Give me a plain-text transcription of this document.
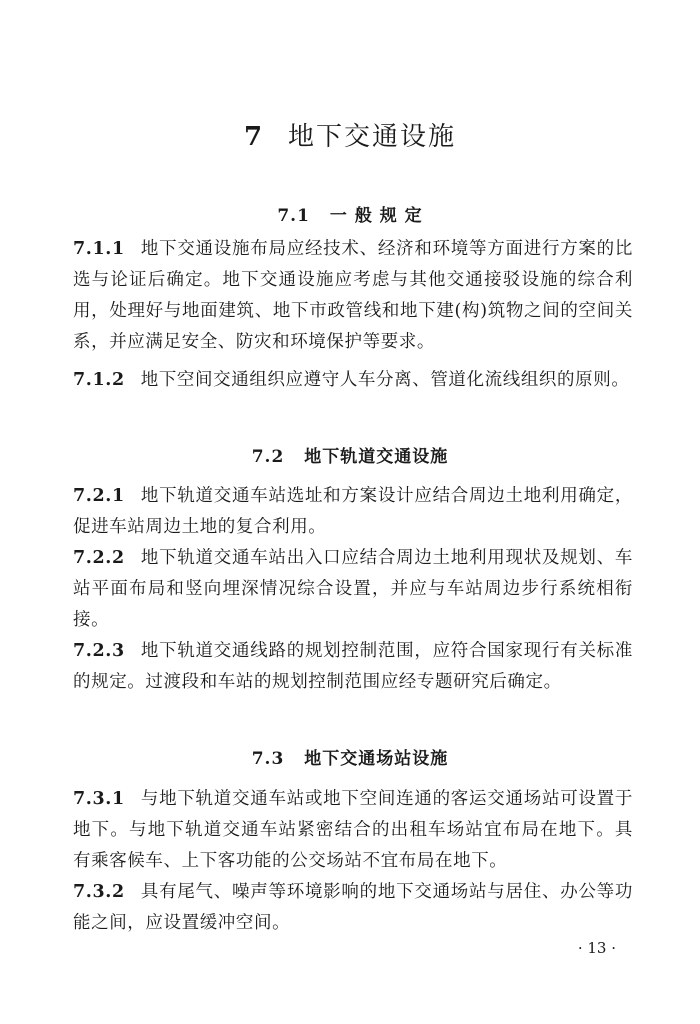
7 地下交通设施
7.1 一 般 规 定
7.1.1 地下交通设施布局应经技术、经济和环境等方面进行方案的比选与论证后确定。地下交通设施应考虑与其他交通接驳设施的综合利用，处理好与地面建筑、地下市政管线和地下建(构)筑物之间的空间关系，并应满足安全、防灾和环境保护等要求。
7.1.2 地下空间交通组织应遵守人车分离、管道化流线组织的原则。
7.2 地下轨道交通设施
7.2.1 地下轨道交通车站选址和方案设计应结合周边土地利用确定，促进车站周边土地的复合利用。
7.2.2 地下轨道交通车站出入口应结合周边土地利用现状及规划、车站平面布局和竖向埋深情况综合设置，并应与车站周边步行系统相衔接。
7.2.3 地下轨道交通线路的规划控制范围，应符合国家现行有关标准的规定。过渡段和车站的规划控制范围应经专题研究后确定。
7.3 地下交通场站设施
7.3.1 与地下轨道交通车站或地下空间连通的客运交通场站可设置于地下。与地下轨道交通车站紧密结合的出租车场站宜布局在地下。具有乘客候车、上下客功能的公交场站不宜布局在地下。
7.3.2 具有尾气、噪声等环境影响的地下交通场站与居住、办公等功能之间，应设置缓冲空间。
· 13 ·
